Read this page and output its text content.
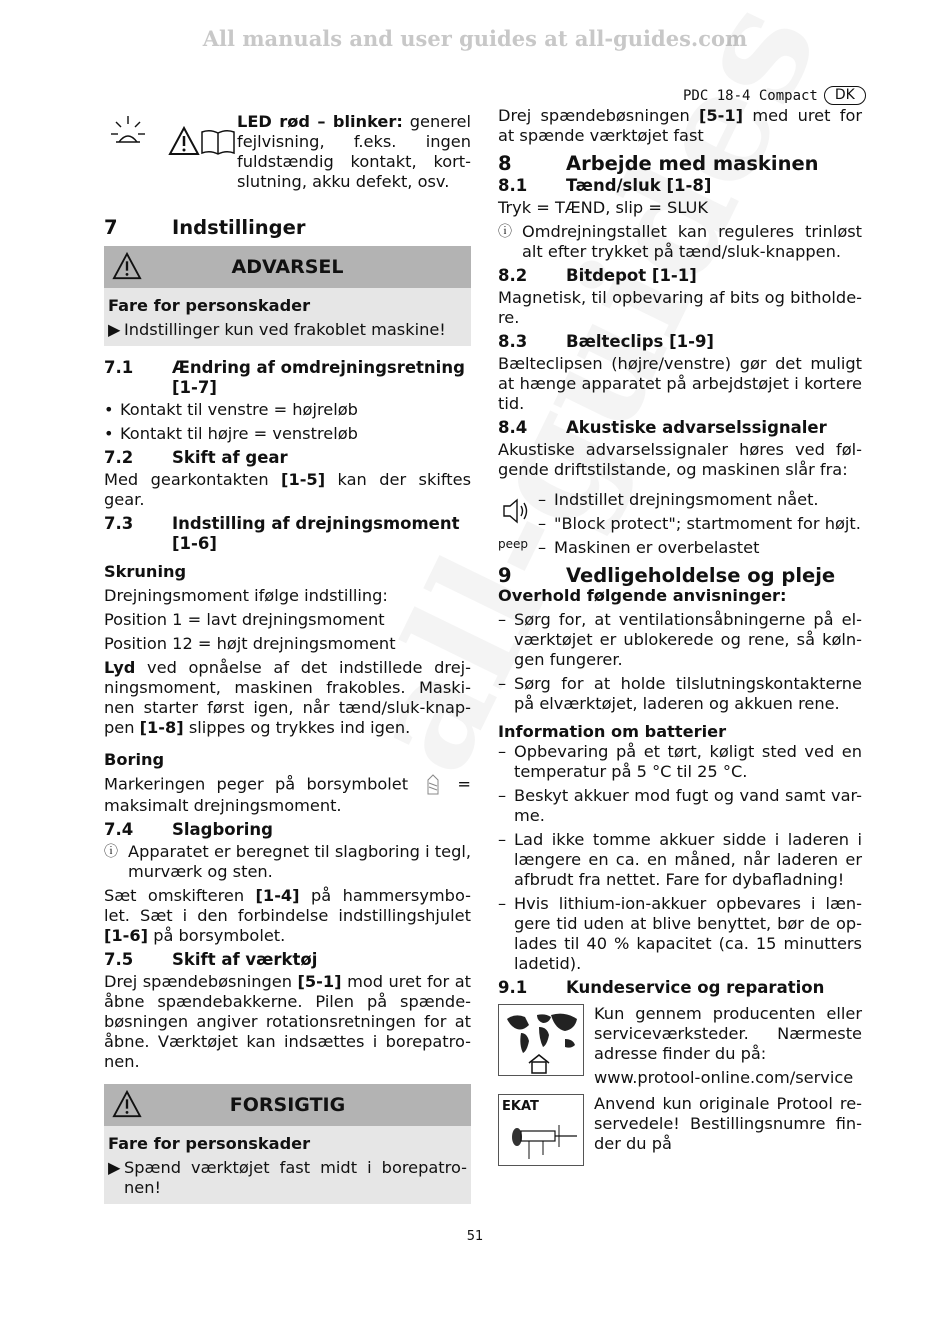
All manuals and user guides at all-guides.com
PDC 18-4 Compact	DK
LED rød – blinker: generel fejlvisning, f.eks. ingen fuldstændig kontakt, kort-slutning, akku defekt, osv.
7	Indstillinger
ADVARSEL
Fare for personskader
▶ Indstillinger kun ved frakoblet maskine!
7.1	Ændring af omdrejningsretning [1-7]
• Kontakt til venstre = højreløb
• Kontakt til højre = venstreløb
7.2	Skift af gear
Med gearkontakten [1-5] kan der skiftes gear.
7.3	Indstilling af drejningsmoment [1-6]
Skruning
Drejningsmoment ifølge indstilling:
Position 1 = lavt drejningsmoment
Position 12 = højt drejningsmoment
Lyd ved opnåelse af det indstillede drej-ningsmoment, maskinen frakobles. Maski-nen starter først igen, når tænd/sluk-knap-pen [1-8] slippes og trykkes ind igen.
Boring
Markeringen peger på borsymbolet	= maksimalt drejningsmoment.
7.4	Slagboring
ⓘ Apparatet er beregnet til slagboring i tegl, murværk og sten.
Sæt omskifteren [1-4] på hammersymbo-let. Sæt i den forbindelse indstillingshjulet [1-6] på borsymbolet.
7.5	Skift af værktøj
Drej spændebøsningen [5-1] mod uret for at åbne spændebakkerne. Pilen på spænde-bøsningen angiver rotationsretningen for at åbne. Værktøjet kan indsættes i borepatro-nen.
FORSIGTIG
Fare for personskader
▶ Spænd værktøjet fast midt i borepatro-nen!
Drej spændebøsningen [5-1] med uret for at spænde værktøjet fast
8	Arbejde med maskinen
8.1	Tænd/sluk [1-8]
Tryk = TÆND, slip = SLUK
ⓘ Omdrejningstallet kan reguleres trinløst alt efter trykket på tænd/sluk-knappen.
8.2	Bitdepot [1-1]
Magnetisk, til opbevaring af bits og bitholde-re.
8.3	Bælteclips [1-9]
Bælteclipsen (højre/venstre) gør det muligt at hænge apparatet på arbejdstøjet i kortere tid.
8.4	Akustiske advarselssignaler
Akustiske advarselssignaler høres ved føl-gende driftstilstande, og maskinen slår fra:
peep
– Indstillet drejningsmoment nået.
– "Block protect"; startmoment for højt.
– Maskinen er overbelastet
9	Vedligeholdelse og pleje
Overhold følgende anvisninger:
– Sørg for, at ventilationsåbningerne på el-værktøjet er ublokerede og rene, så køln-gen fungerer.
– Sørg for at holde tilslutningskontakterne på elværktøjet, laderen og akkuen rene.
Information om batterier
– Opbevaring på et tørt, køligt sted ved en temperatur på 5 °C til 25 °C.
– Beskyt akkuer mod fugt og vand samt var-me.
– Lad ikke tomme akkuer sidde i laderen i længere en ca. en måned, når laderen er afbrudt fra nettet. Fare for dybafladning!
– Hvis lithium-ion-akkuer opbevares i læn-gere tid uden at blive benyttet, bør de op-lades til 40 % kapacitet (ca. 15 minutters ladetid).
9.1	Kundeservice og reparation
Kun gennem producenten eller serviceværksteder. Nærmeste adresse finder du på:
www.protool-online.com/service
EKAT	Anvend kun originale Protool re-servedele! Bestillingsnumre fin-der du på
51
